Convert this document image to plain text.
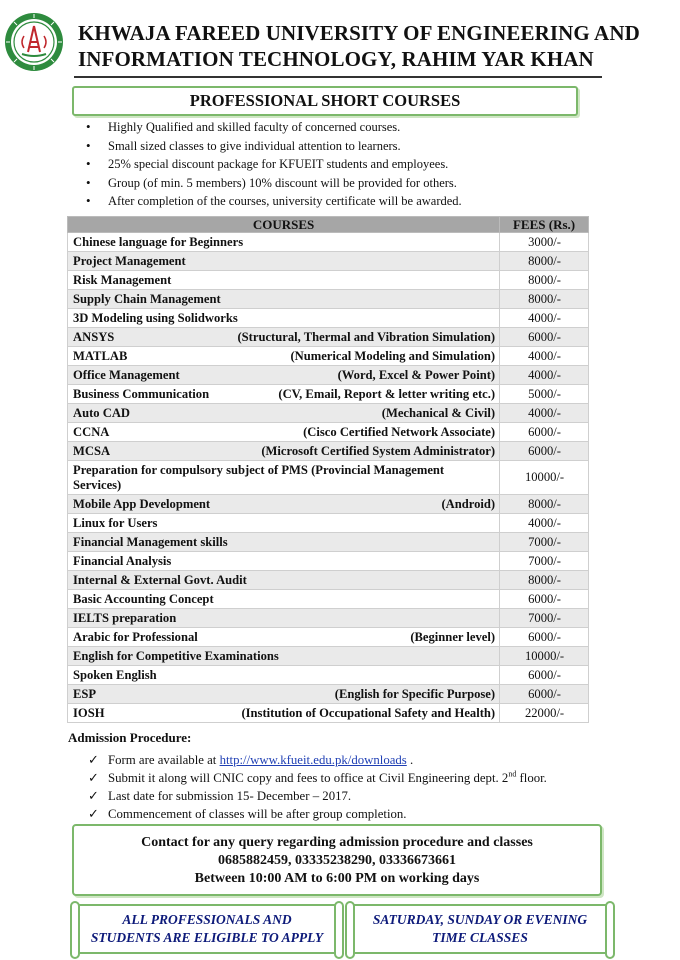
KHWAJA FAREED UNIVERSITY OF ENGINEERING AND
INFORMATION TECHNOLOGY, RAHIM YAR KHAN
PROFESSIONAL SHORT COURSES
• Highly Qualified and skilled faculty of concerned courses.
• Small sized classes to give individual attention to learners.
• 25% special discount package for KFUEIT students and employees.
• Group (of min. 5 members) 10% discount will be provided for others.
• After completion of the courses, university certificate will be awarded.
COURSES	FEES (Rs.)

Chinese language for Beginners	3000/-

Project Management	8000/-

Risk Management	8000/-

Supply Chain Management	8000/-

3D Modeling using Solidworks	4000/-

ANSYS (Structural, Thermal and Vibration Simulation)	6000/-

MATLAB (Numerical Modeling and Simulation)	4000/-

Office Management (Word, Excel & Power Point)	4000/-

Business Communication (CV, Email, Report & letter writing etc.)	5000/-

Auto CAD (Mechanical & Civil)	4000/-

CCNA (Cisco Certified Network Associate)	6000/-

MCSA (Microsoft Certified System Administrator)	6000/-

Preparation for compulsory subject of PMS (Provincial Management Services)	10000/-

Mobile App Development (Android)	8000/-

Linux for Users	4000/-

Financial Management skills	7000/-

Financial Analysis	7000/-

Internal & External Govt. Audit	8000/-

Basic Accounting Concept	6000/-

IELTS preparation	7000/-

Arabic for Professional (Beginner level)	6000/-

English for Competitive Examinations	10000/-

Spoken English	6000/-

ESP (English for Specific Purpose)	6000/-

IOSH (Institution of Occupational Safety and Health)	22000/-
Admission Procedure:
✓ Form are available at http://www.kfueit.edu.pk/downloads .
✓ Submit it along will CNIC copy and fees to office at Civil Engineering dept. 2nd floor.
✓ Last date for submission 15- December – 2017.
✓ Commencement of classes will be after group completion.
Contact for any query regarding admission procedure and classes
0685882459, 03335238290, 03336673661
Between 10:00 AM to 6:00 PM on working days
ALL PROFESSIONALS AND
STUDENTS ARE ELIGIBLE TO APPLY
SATURDAY, SUNDAY OR EVENING
TIME CLASSES
